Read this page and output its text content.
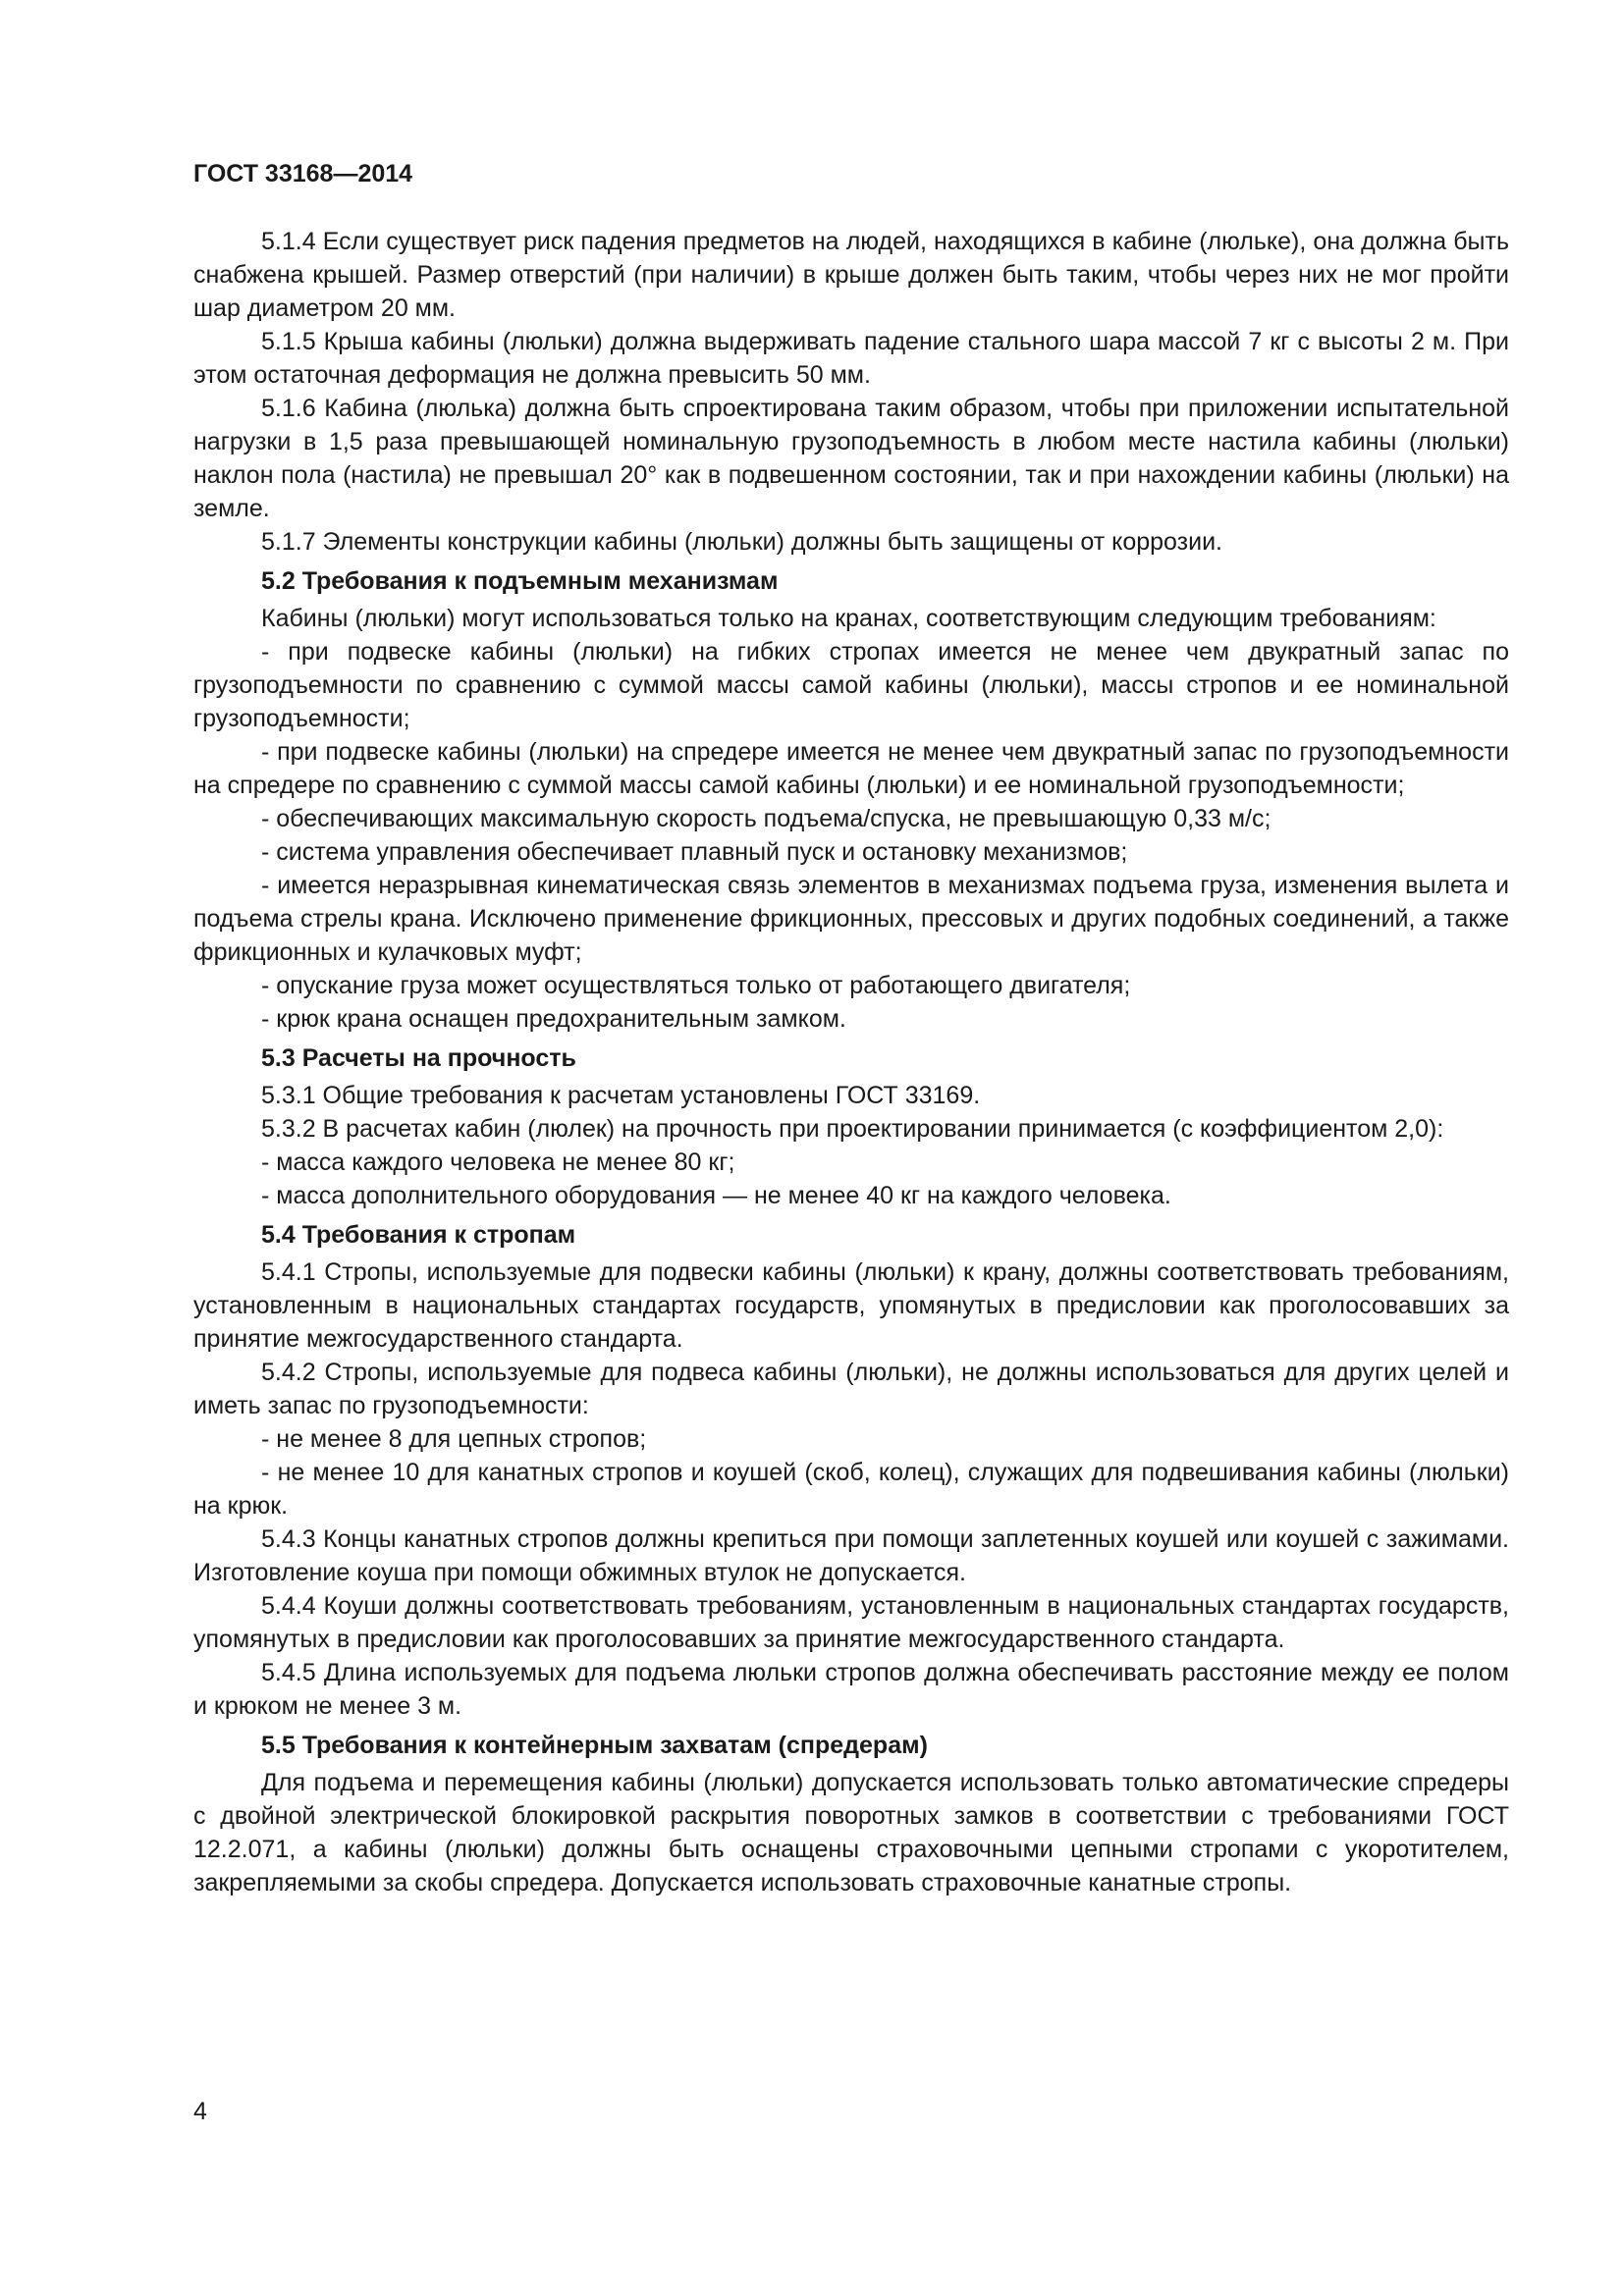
ГОСТ 33168—2014

5.1.4 Если существует риск падения предметов на людей, находящихся в кабине (люльке), она должна быть снабжена крышей. Размер отверстий (при наличии) в крыше должен быть таким, чтобы через них не мог пройти шар диаметром 20 мм.

5.1.5 Крыша кабины (люльки) должна выдерживать падение стального шара массой 7 кг с высоты 2 м. При этом остаточная деформация не должна превысить 50 мм.

5.1.6 Кабина (люлька) должна быть спроектирована таким образом, чтобы при приложении испытательной нагрузки в 1,5 раза превышающей номинальную грузоподъемность в любом месте настила кабины (люльки) наклон пола (настила) не превышал 20° как в подвешенном состоянии, так и при нахождении кабины (люльки) на земле.

5.1.7 Элементы конструкции кабины (люльки) должны быть защищены от коррозии.

5.2 Требования к подъемным механизмам

Кабины (люльки) могут использоваться только на кранах, соответствующим следующим требованиям:

- при подвеске кабины (люльки) на гибких стропах имеется не менее чем двукратный запас по грузоподъемности по сравнению с суммой массы самой кабины (люльки), массы стропов и ее номинальной грузоподъемности;

- при подвеске кабины (люльки) на спредере имеется не менее чем двукратный запас по грузоподъемности на спредере по сравнению с суммой массы самой кабины (люльки) и ее номинальной грузоподъемности;

- обеспечивающих максимальную скорость подъема/спуска, не превышающую 0,33 м/с;

- система управления обеспечивает плавный пуск и остановку механизмов;

- имеется неразрывная кинематическая связь элементов в механизмах подъема груза, изменения вылета и подъема стрелы крана. Исключено применение фрикционных, прессовых и других подобных соединений, а также фрикционных и кулачковых муфт;

- опускание груза может осуществляться только от работающего двигателя;

- крюк крана оснащен предохранительным замком.

5.3 Расчеты на прочность

5.3.1 Общие требования к расчетам установлены ГОСТ 33169.

5.3.2 В расчетах кабин (люлек) на прочность при проектировании принимается (с коэффициентом 2,0):

- масса каждого человека не менее 80 кг;

- масса дополнительного оборудования — не менее 40 кг на каждого человека.

5.4 Требования к стропам

5.4.1 Стропы, используемые для подвески кабины (люльки) к крану, должны соответствовать требованиям, установленным в национальных стандартах государств, упомянутых в предисловии как проголосовавших за принятие межгосударственного стандарта.

5.4.2 Стропы, используемые для подвеса кабины (люльки), не должны использоваться для других целей и иметь запас по грузоподъемности:

- не менее 8 для цепных стропов;

- не менее 10 для канатных стропов и коушей (скоб, колец), служащих для подвешивания кабины (люльки) на крюк.

5.4.3 Концы канатных стропов должны крепиться при помощи заплетенных коушей или коушей с зажимами. Изготовление коуша при помощи обжимных втулок не допускается.

5.4.4 Коуши должны соответствовать требованиям, установленным в национальных стандартах государств, упомянутых в предисловии как проголосовавших за принятие межгосударственного стандарта.

5.4.5 Длина используемых для подъема люльки стропов должна обеспечивать расстояние между ее полом и крюком не менее 3 м.

5.5 Требования к контейнерным захватам (спредерам)

Для подъема и перемещения кабины (люльки) допускается использовать только автоматические спредеры с двойной электрической блокировкой раскрытия поворотных замков в соответствии с требованиями ГОСТ 12.2.071, а кабины (люльки) должны быть оснащены страховочными цепными стропами с укоротителем, закрепляемыми за скобы спредера. Допускается использовать страховочные канатные стропы.

4
